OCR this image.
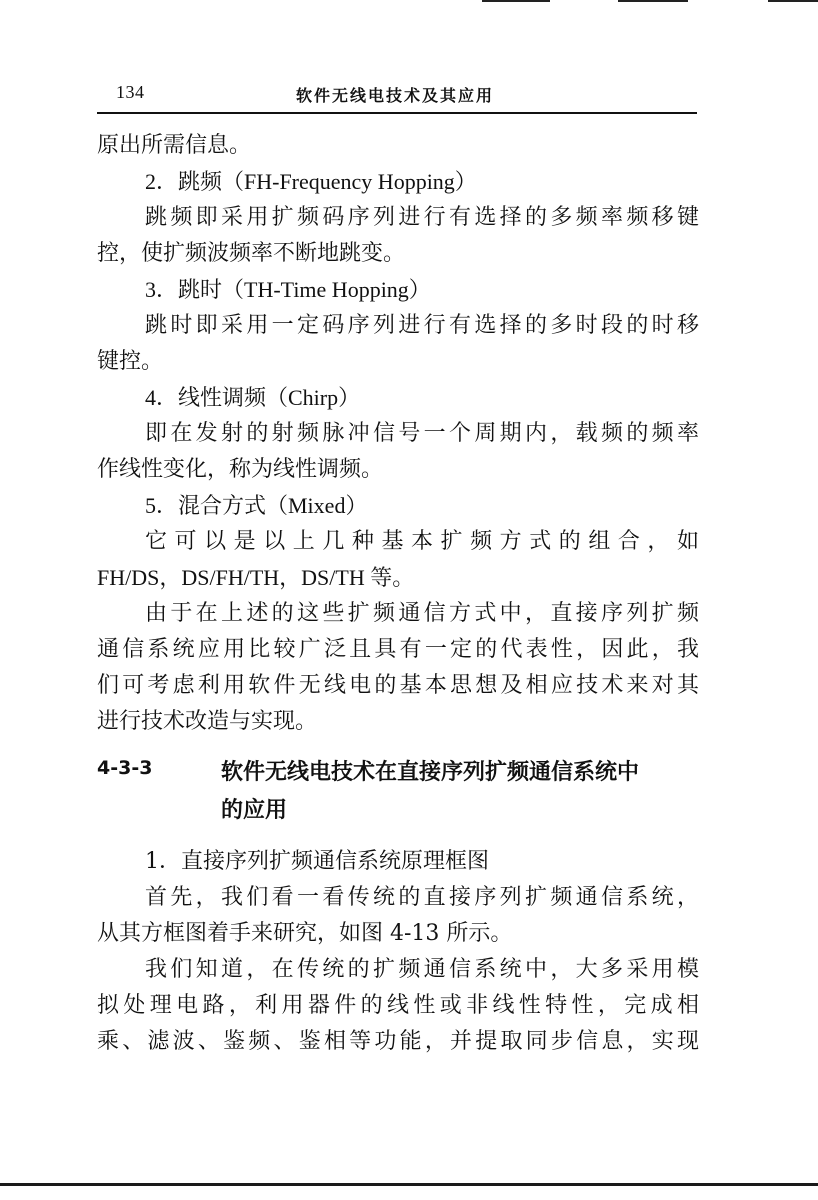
134	软件无线电技术及其应用
原出所需信息。
2．跳频（FH-Frequency Hopping）
跳频即采用扩频码序列进行有选择的多频率频移键
控，使扩频波频率不断地跳变。
3．跳时（TH-Time Hopping）
跳时即采用一定码序列进行有选择的多时段的时移
键控。
4．线性调频（Chirp）
即在发射的射频脉冲信号一个周期内，载频的频率
作线性变化，称为线性调频。
5．混合方式（Mixed）
它可以是以上几种基本扩频方式的组合，如
FH/DS，DS/FH/TH，DS/TH 等。
由于在上述的这些扩频通信方式中，直接序列扩频
通信系统应用比较广泛且具有一定的代表性，因此，我
们可考虑利用软件无线电的基本思想及相应技术来对其
进行技术改造与实现。
4-3-3	软件无线电技术在直接序列扩频通信系统中
的应用
1．直接序列扩频通信系统原理框图
首先，我们看一看传统的直接序列扩频通信系统，
从其方框图着手来研究，如图 4-13 所示。
我们知道，在传统的扩频通信系统中，大多采用模
拟处理电路，利用器件的线性或非线性特性，完成相
乘、滤波、鉴频、鉴相等功能，并提取同步信息，实现
